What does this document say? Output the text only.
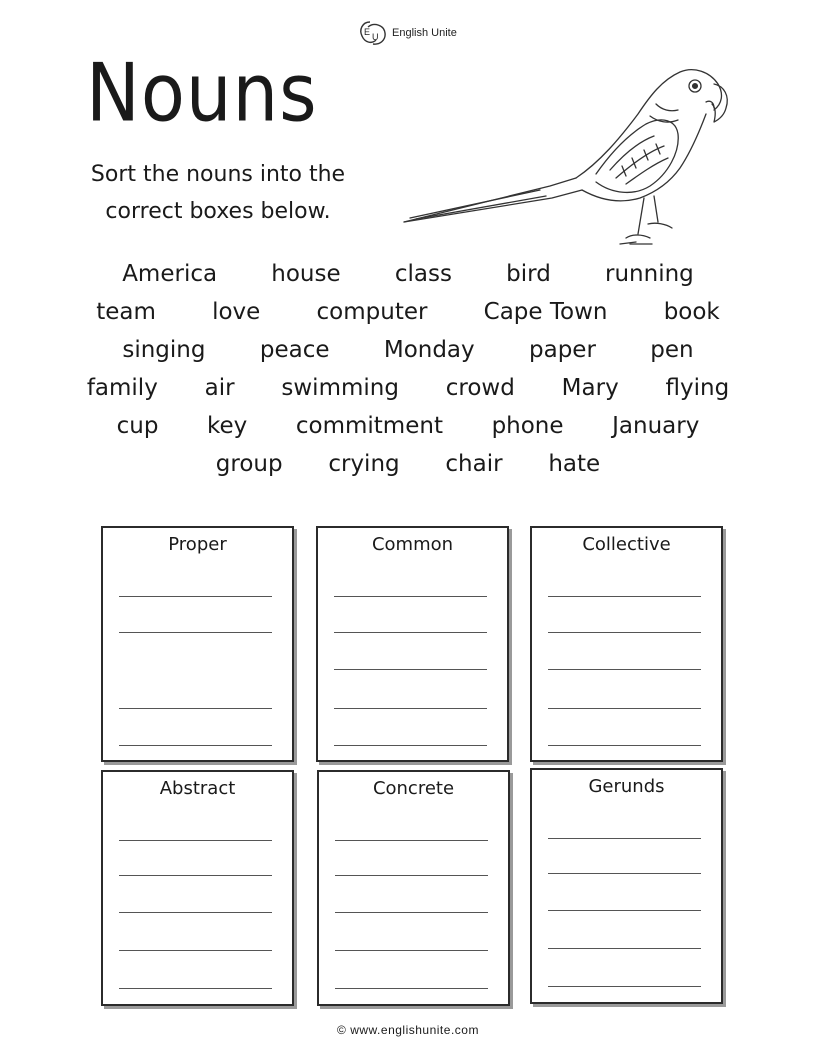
E U English Unite
Nouns
Sort the nouns into the
correct boxes below.
America house class bird running
team love computer Cape Town book
singing peace Monday paper pen
family air swimming crowd Mary flying
cup key commitment phone January
group crying chair hate
Proper	Common	Collective
Abstract	Concrete	Gerunds
© www.englishunite.com
